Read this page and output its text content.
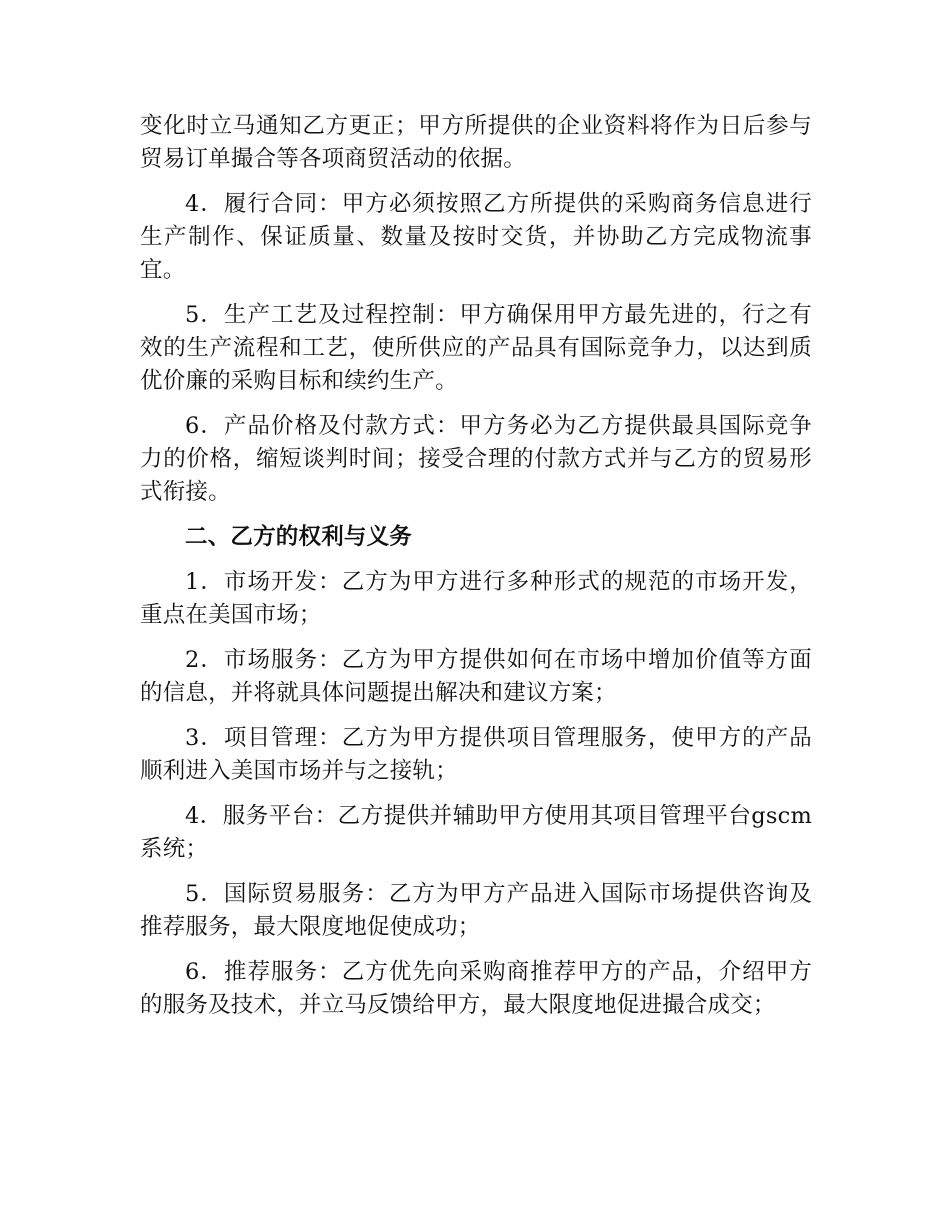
变化时立马通知乙方更正；甲方所提供的企业资料将作为日后参与贸易订单撮合等各项商贸活动的依据。

4．履行合同：甲方必须按照乙方所提供的采购商务信息进行生产制作、保证质量、数量及按时交货，并协助乙方完成物流事宜。

5．生产工艺及过程控制：甲方确保用甲方最先进的，行之有效的生产流程和工艺，使所供应的产品具有国际竞争力，以达到质优价廉的采购目标和续约生产。

6．产品价格及付款方式：甲方务必为乙方提供最具国际竞争力的价格，缩短谈判时间；接受合理的付款方式并与乙方的贸易形式衔接。

二、乙方的权利与义务

1．市场开发：乙方为甲方进行多种形式的规范的市场开发，重点在美国市场；

2．市场服务：乙方为甲方提供如何在市场中增加价值等方面的信息，并将就具体问题提出解决和建议方案；

3．项目管理：乙方为甲方提供项目管理服务，使甲方的产品顺利进入美国市场并与之接轨；

4．服务平台：乙方提供并辅助甲方使用其项目管理平台gscm系统；

5．国际贸易服务：乙方为甲方产品进入国际市场提供咨询及推荐服务，最大限度地促使成功；

6．推荐服务：乙方优先向采购商推荐甲方的产品，介绍甲方的服务及技术，并立马反馈给甲方，最大限度地促进撮合成交；
